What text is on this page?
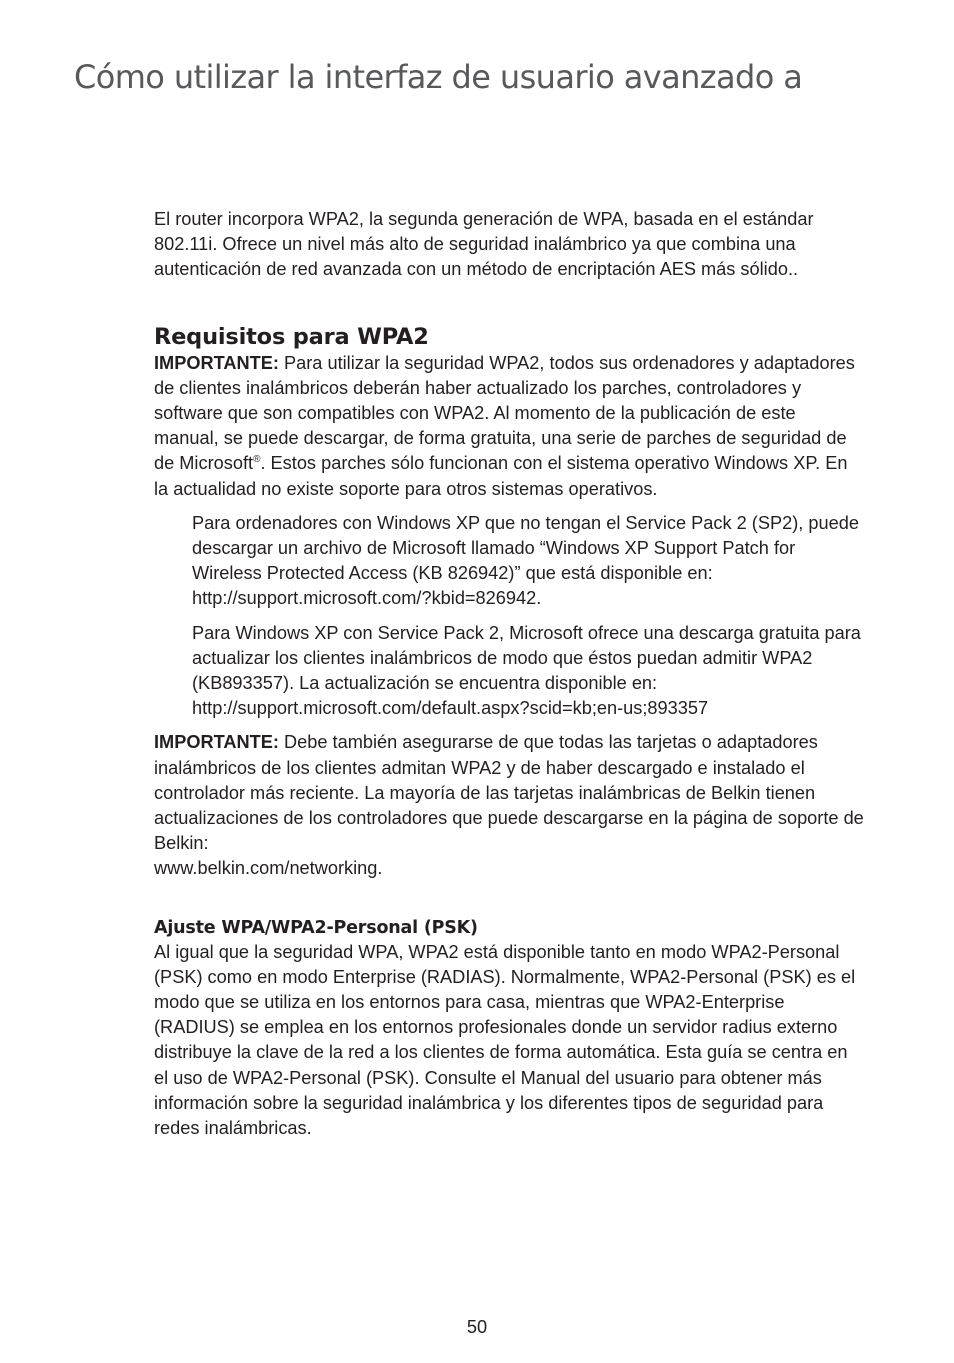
Cómo utilizar la interfaz de usuario avanzado a

El router incorpora WPA2, la segunda generación de WPA, basada en el estándar 802.11i. Ofrece un nivel más alto de seguridad inalámbrico ya que combina una autenticación de red avanzada con un método de encriptación AES más sólido..

Requisitos para WPA2

IMPORTANTE: Para utilizar la seguridad WPA2, todos sus ordenadores y adaptadores de clientes inalámbricos deberán haber actualizado los parches, controladores y software que son compatibles con WPA2. Al momento de la publicación de este manual, se puede descargar, de forma gratuita, una serie de parches de seguridad de de Microsoft®. Estos parches sólo funcionan con el sistema operativo Windows XP. En la actualidad no existe soporte para otros sistemas operativos.

Para ordenadores con Windows XP que no tengan el Service Pack 2 (SP2), puede descargar un archivo de Microsoft llamado “Windows XP Support Patch for Wireless Protected Access (KB 826942)” que está disponible en: http://support.microsoft.com/?kbid=826942.

Para Windows XP con Service Pack 2, Microsoft ofrece una descarga gratuita para actualizar los clientes inalámbricos de modo que éstos puedan admitir WPA2 (KB893357). La actualización se encuentra disponible en:
http://support.microsoft.com/default.aspx?scid=kb;en-us;893357

IMPORTANTE: Debe también asegurarse de que todas las tarjetas o adaptadores inalámbricos de los clientes admitan WPA2 y de haber descargado e instalado el controlador más reciente. La mayoría de las tarjetas inalámbricas de Belkin tienen actualizaciones de los controladores que puede descargarse en la página de soporte de Belkin:
www.belkin.com/networking.

Ajuste WPA/WPA2-Personal (PSK)

Al igual que la seguridad WPA, WPA2 está disponible tanto en modo WPA2-Personal (PSK) como en modo Enterprise (RADIAS). Normalmente, WPA2-Personal (PSK) es el modo que se utiliza en los entornos para casa, mientras que WPA2-Enterprise (RADIUS) se emplea en los entornos profesionales donde un servidor radius externo distribuye la clave de la red a los clientes de forma automática. Esta guía se centra en el uso de WPA2-Personal (PSK). Consulte el Manual del usuario para obtener más información sobre la seguridad inalámbrica y los diferentes tipos de seguridad para redes inalámbricas.

50
